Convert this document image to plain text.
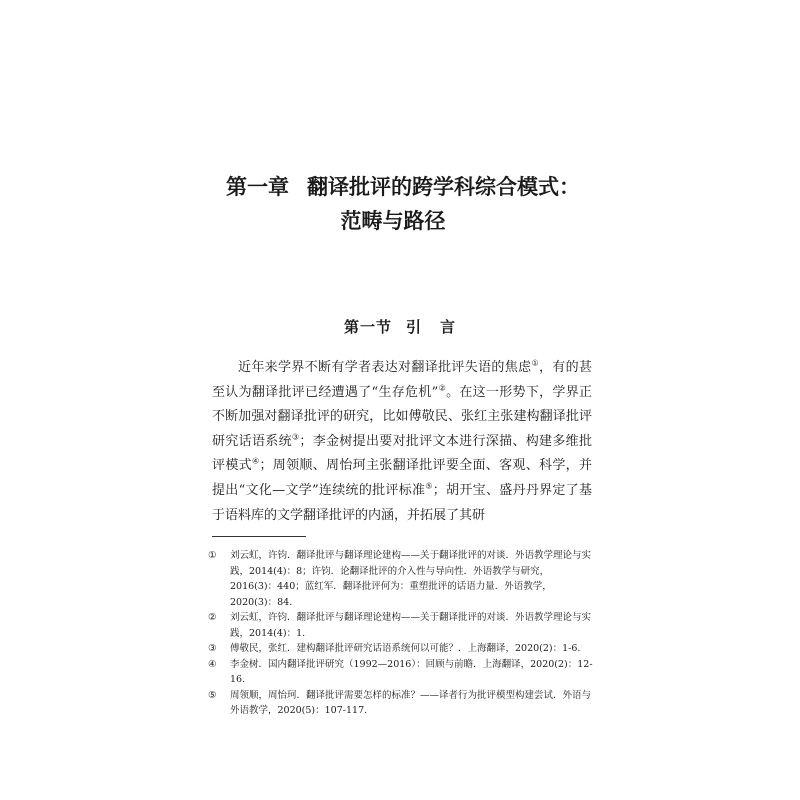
第一章 翻译批评的跨学科综合模式：
范畴与路径
第一节 引 言

近年来学界不断有学者表达对翻译批评失语的焦虑①，有的甚至认为翻译批评已经遭遇了“生存危机”②。在这一形势下，学界正不断加强对翻译批评的研究，比如傅敬民、张红主张建构翻译批评研究话语系统③；李金树提出要对批评文本进行深描、构建多维批评模式④；周领顺、周怡珂主张翻译批评要全面、客观、科学，并提出“文化—文学”连续统的批评标准⑤；胡开宝、盛丹丹界定了基于语料库的文学翻译批评的内涵，并拓展了其研

① 刘云虹，许钧．翻译批评与翻译理论建构——关于翻译批评的对谈．外语教学理论与实践，2014(4)：8；许钧．论翻译批评的介入性与导向性．外语教学与研究，2016(3)：440；蓝红军．翻译批评何为：重塑批评的话语力量．外语教学，2020(3)：84.
② 刘云虹，许钧．翻译批评与翻译理论建构——关于翻译批评的对谈．外语教学理论与实践，2014(4)：1.
③ 傅敬民，张红．建构翻译批评研究话语系统何以可能？．上海翻译，2020(2)：1-6.
④ 李金树．国内翻译批评研究（1992—2016）：回顾与前瞻．上海翻译，2020(2)：12-16.
⑤ 周领顺，周怡珂．翻译批评需要怎样的标准？——译者行为批评模型构建尝试．外语与外语教学，2020(5)：107-117.
